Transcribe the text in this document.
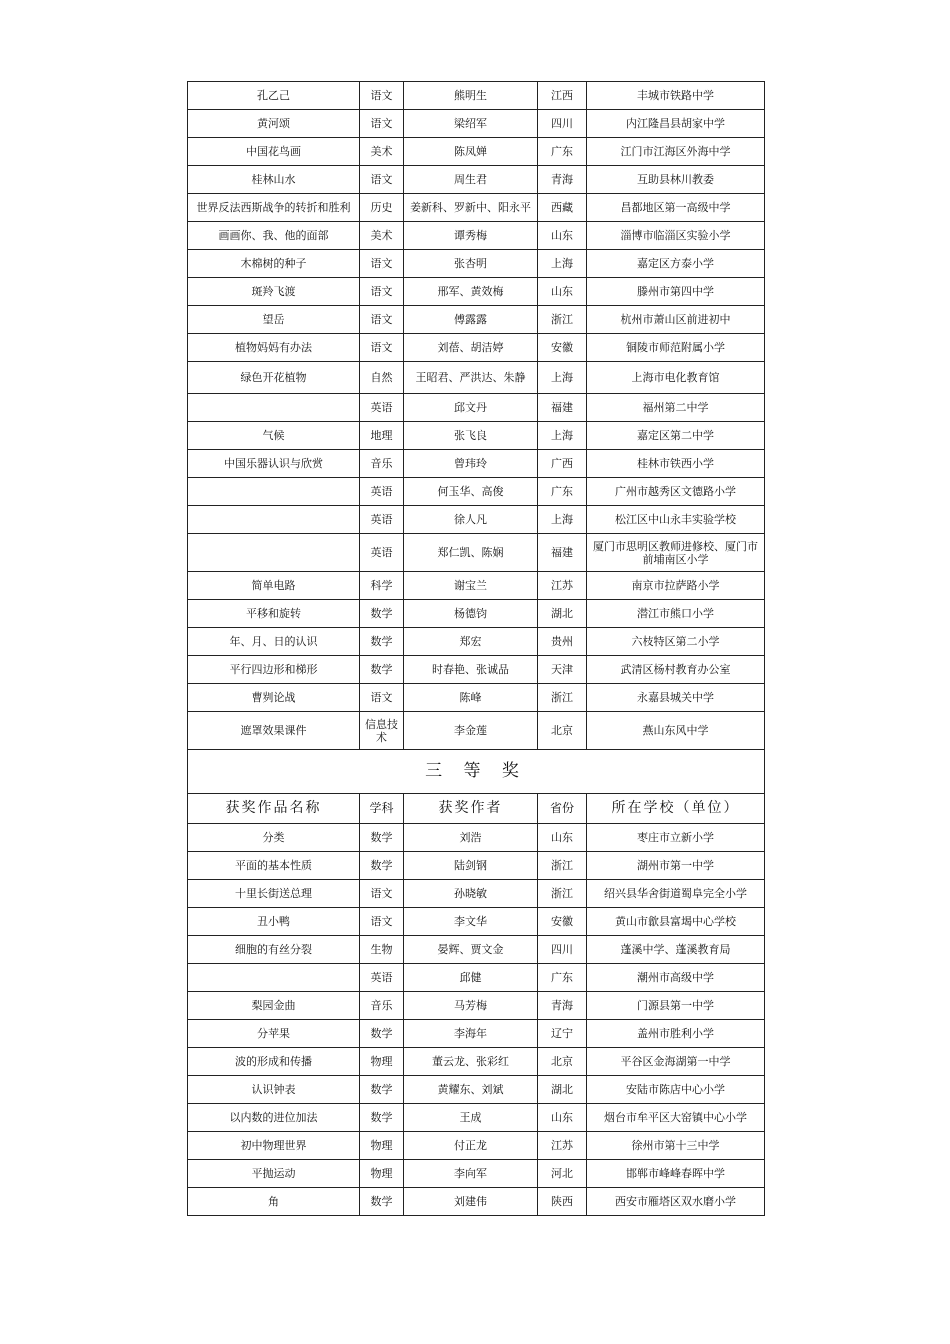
孔乙己	语文	熊明生	江西	丰城市铁路中学
黄河颂	语文	梁绍军	四川	内江隆昌县胡家中学
中国花鸟画	美术	陈凤婵	广东	江门市江海区外海中学
桂林山水	语文	周生君	青海	互助县林川教委
世界反法西斯战争的转折和胜利	历史	姜新科、罗新中、阳永平	西藏	昌都地区第一高级中学
画画你、我、他的面部	美术	谭秀梅	山东	淄博市临淄区实验小学
木棉树的种子	语文	张杏明	上海	嘉定区方泰小学
斑羚飞渡	语文	邢军、黄效梅	山东	滕州市第四中学
望岳	语文	傅露露	浙江	杭州市萧山区前进初中
植物妈妈有办法	语文	刘蓓、胡洁婷	安徽	铜陵市师范附属小学
绿色开花植物	自然	王昭君、严洪达、朱静	上海	上海市电化教育馆
	英语	邱文丹	福建	福州第二中学
气候	地理	张飞良	上海	嘉定区第二中学
中国乐器认识与欣赏	音乐	曾玮玲	广西	桂林市铁西小学
	英语	何玉华、高俊	广东	广州市越秀区文德路小学
	英语	徐人凡	上海	松江区中山永丰实验学校
	英语	郑仁凯、陈娴	福建	厦门市思明区教师进修校、厦门市前埔南区小学
简单电路	科学	谢宝兰	江苏	南京市拉萨路小学
平移和旋转	数学	杨德钧	湖北	潜江市熊口小学
年、月、日的认识	数学	郑宏	贵州	六枝特区第二小学
平行四边形和梯形	数学	时春艳、张诚品	天津	武清区杨村教育办公室
曹刿论战	语文	陈峰	浙江	永嘉县城关中学
遮罩效果课件	信息技术	李金莲	北京	燕山东风中学
三 等 奖				
获奖作品名称	学科	获奖作者	省份	所在学校（单位）
分类	数学	刘浩	山东	枣庄市立新小学
平面的基本性质	数学	陆剑钢	浙江	湖州市第一中学
十里长街送总理	语文	孙晓敏	浙江	绍兴县华舍街道蜀阜完全小学
丑小鸭	语文	李文华	安徽	黄山市歙县富堨中心学校
细胞的有丝分裂	生物	晏辉、贾文金	四川	蓬溪中学、蓬溪教育局
	英语	邱健	广东	潮州市高级中学
梨园金曲	音乐	马芳梅	青海	门源县第一中学
分苹果	数学	李海年	辽宁	盖州市胜利小学
波的形成和传播	物理	董云龙、张彩红	北京	平谷区金海湖第一中学
认识钟表	数学	黄耀东、刘斌	湖北	安陆市陈店中心小学
以内数的进位加法	数学	王成	山东	烟台市牟平区大窑镇中心小学
初中物理世界	物理	付正龙	江苏	徐州市第十三中学
平抛运动	物理	李向军	河北	邯郸市峰峰春晖中学
角	数学	刘建伟	陕西	西安市雁塔区双水磨小学
